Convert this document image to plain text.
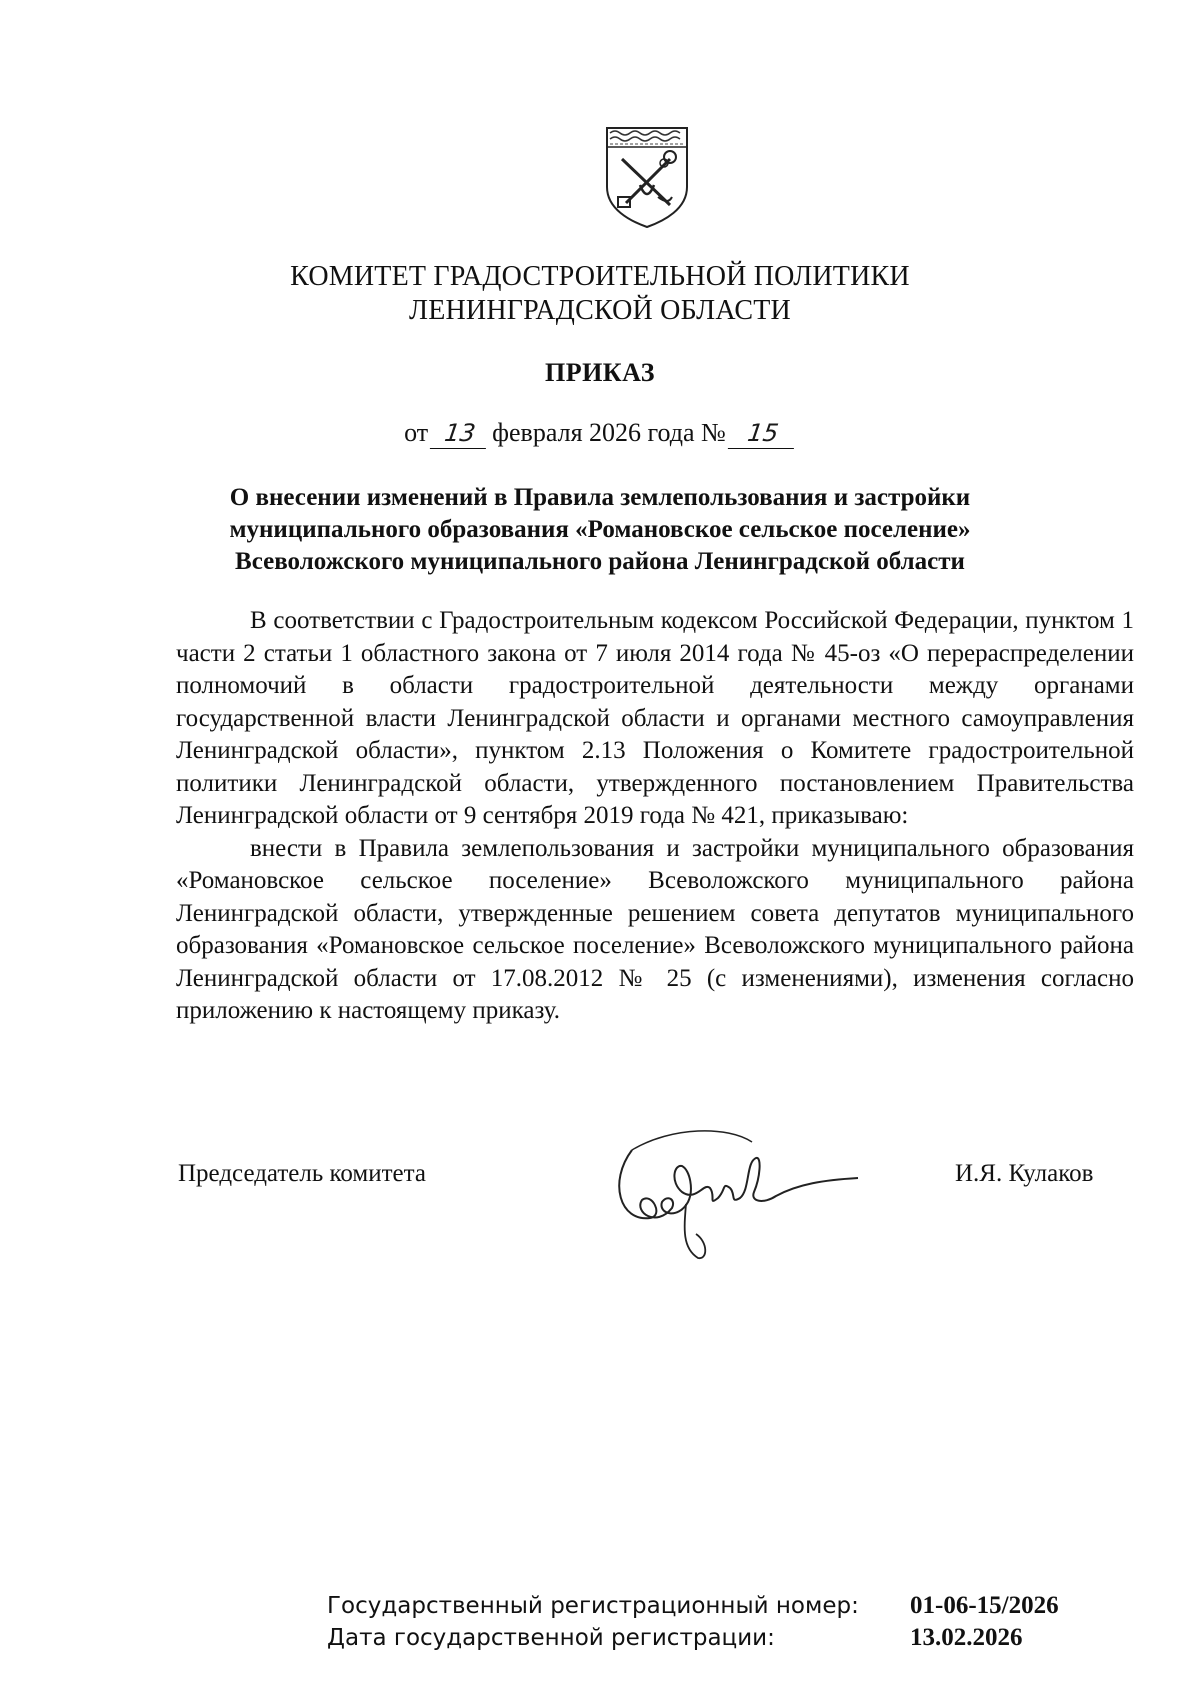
КОМИТЕТ ГРАДОСТРОИТЕЛЬНОЙ ПОЛИТИКИ
ЛЕНИНГРАДСКОЙ ОБЛАСТИ
ПРИКАЗ
от 13 февраля 2026 года № 15
О внесении изменений в Правила землепользования и застройки
муниципального образования «Романовское сельское поселение»
Всеволожского муниципального района Ленинградской области

В соответствии с Градостроительным кодексом Российской Федерации, пунктом 1 части 2 статьи 1 областного закона от 7 июля 2014 года № 45-оз «О перераспределении полномочий в области градостроительной деятельности между органами государственной власти Ленинградской области и органами местного самоуправления Ленинградской области», пунктом 2.13 Положения о Комитете градостроительной политики Ленинградской области, утвержденного постановлением Правительства Ленинградской области от 9 сентября 2019 года № 421, приказываю:

внести в Правила землепользования и застройки муниципального образования «Романовское сельское поселение» Всеволожского муниципального района Ленинградской области, утвержденные решением совета депутатов муниципального образования «Романовское сельское поселение» Всеволожского муниципального района Ленинградской области от 17.08.2012 № 25 (с изменениями), изменения согласно приложению к настоящему приказу.

Председатель комитета	И.Я. Кулаков
Государственный регистрационный номер:
Дата государственной регистрации:
01-06-15/2026
13.02.2026
